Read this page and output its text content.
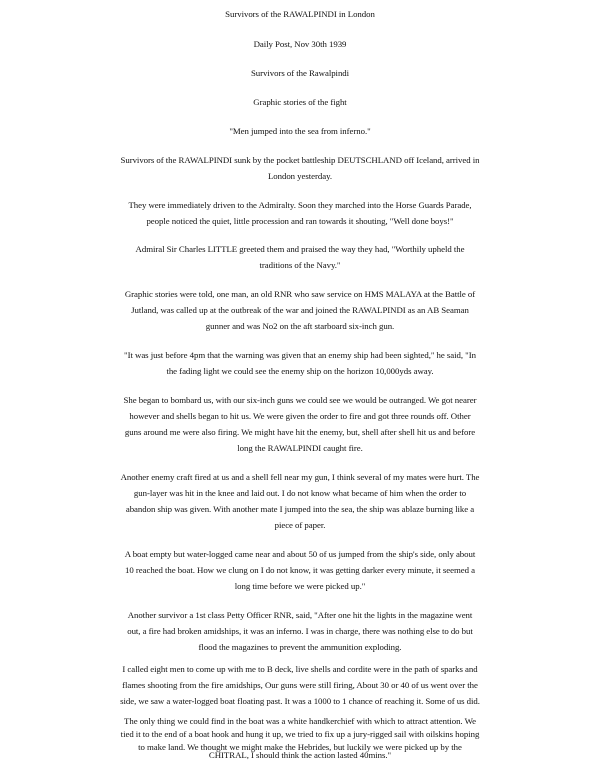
Survivors of the RAWALPINDI in London
Daily Post, Nov 30th 1939
Survivors of the Rawalpindi
Graphic stories of the fight
"Men jumped into the sea from inferno."
Survivors of the RAWALPINDI sunk by the pocket battleship DEUTSCHLAND off Iceland, arrived in
London yesterday.
They were immediately driven to the Admiralty. Soon they marched into the Horse Guards Parade,
people noticed the quiet, little procession and ran towards it shouting, "Well done boys!"
Admiral Sir Charles LITTLE greeted them and praised the way they had, "Worthily upheld the
traditions of the Navy."
Graphic stories were told, one man, an old RNR who saw service on HMS MALAYA at the Battle of
Jutland, was called up at the outbreak of the war and joined the RAWALPINDI as an AB Seaman
gunner and was No2 on the aft starboard six-inch gun.
"It was just before 4pm that the warning was given that an enemy ship had been sighted," he said, "In
the fading light we could see the enemy ship on the horizon 10,000yds away.
She began to bombard us, with our six-inch guns we could see we would be outranged. We got nearer
however and shells began to hit us. We were given the order to fire and got three rounds off. Other
guns around me were also firing. We might have hit the enemy, but, shell after shell hit us and before
long the RAWALPINDI caught fire.
Another enemy craft fired at us and a shell fell near my gun, I think several of my mates were hurt. The
gun-layer was hit in the knee and laid out. I do not know what became of him when the order to
abandon ship was given. With another mate I jumped into the sea, the ship was ablaze burning like a
piece of paper.
A boat empty but water-logged came near and about 50 of us jumped from the ship's side, only about
10 reached the boat. How we clung on I do not know, it was getting darker every minute, it seemed a
long time before we were picked up."
Another survivor a 1st class Petty Officer RNR, said, "After one hit the lights in the magazine went
out, a fire had broken amidships, it was an inferno. I was in charge, there was nothing else to do but
flood the magazines to prevent the ammunition exploding.
I called eight men to come up with me to B deck, live shells and cordite were in the path of sparks and
flames shooting from the fire amidships, Our guns were still firing, About 30 or 40 of us went over the
side, we saw a water-logged boat floating past. It was a 1000 to 1 chance of reaching it. Some of us did.
The only thing we could find in the boat was a white handkerchief with which to attract attention. We
tied it to the end of a boat hook and hung it up, we tried to fix up a jury-rigged sail with oilskins hoping
to make land. We thought we might make the Hebrides, but luckily we were picked up by the
CHITRAL, I should think the action lasted 40mins."
